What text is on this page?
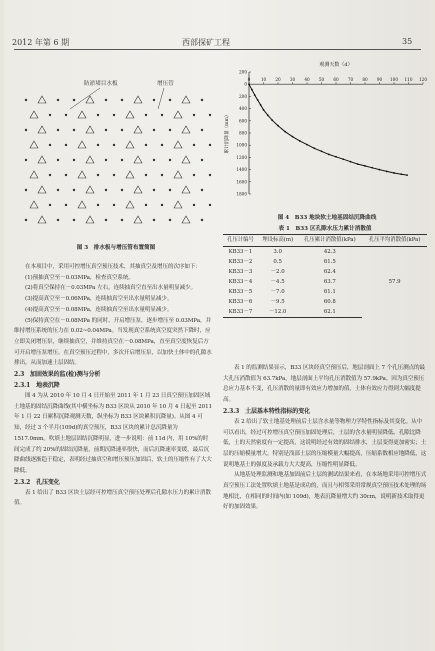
2012 年第 6 期	西部探矿工程	35
防淤堵目水板	增压管
图 3　排水板与增压管布置简图
观测天数（d）
0 10 20 30 40 50 60 70 80 90 100 110 120
200
0
200
400
600
800
1000
1200
1400
1600
1800
累计沉降量（mm）
图 4　B33 地块软土地基固结沉降曲线

在本项目中，采用可控增压真空预压技术，其抽真空及增压的次序如下：

(1)预抽真空至－0.03MPa，检查真空系统。

(2)将真空保持在－0.03MPa 左右，连续抽真空直至出水量明显减少。

(3)提高真空至－0.06MPa，连续抽真空至出水量明显减少。

(4)提高真空至－0.08MPa，连续抽真空至出水量明显减少。

(5)保持真空在－0.08MPa 的同时，开启增压泵，逐步增压至 0.03MPa，并维持增压系统的压力在 0.02~0.04MPa。当发现真空系统真空度突然下降时，应立即关闭增压泵，继续抽真空，并维持真空在－0.08MPa，直至真空度恢复后方可开启增压泵增压。在真空预压过程中，多次开启增压泵，以加快土体中的孔隙水排出，从而加速土层固结。

2.3　加固效果的监(检)测与分析
2.3.1　地表沉降

图 4 为从 2010 年 10 月 4 日开始至 2011 年 1 月 23 日真空预压加固区域土地基的固结沉降曲线(其中横坐标为 B33 区块从 2010 年 10 月 4 日起至 2011 年 1 月 22 日累积沉降观测天数，纵坐标为 B33 区块累积沉降量)。从图 4 可知，经过 3 个半月(109d)的真空预压，B33 区块的累计总沉降量为 1517.0mm。吹填土地层固结沉降明显，进一步说明：前 11d 内，用 10%的时间完成了约 20%的固结沉降量，前期沉降速率很快，而后沉降速率变缓，最后沉降曲线逐渐趋于稳定，表明经过抽真空和增压预压加固后，软土的压缩性有了大大降低。

2.3.2　孔压变化

表 1 给出了 B33 区块土层经可控增压真空预压处理后孔隙水压力的累计消散值。

表 1　B33 区孔隙水压力累计消散值
孔压计编号	埋设标高(m)	孔压累计消散值(kPa)	孔压平均消散值(kPa)
KB33－1	3.0	42.3	57.9
KB33－2	0.5	61.5	
KB33－3	－2.0	62.4	
KB33－4	－4.5	63.7	
KB33－5	－7.0	61.1	
KB33－6	－9.5	60.8	
KB33－7	－12.0	62.1	

表 1 的监测结果显示，B33 区块经真空预压后，地层剖面上 7 个孔压测点的最大孔压消散值为 63.7kPa，地层剖面上平均孔压消散值为 57.9kPa。因为真空预压总应力基本不变，孔压消散的量即有效应力增加的值，土体有效应力得到大幅度提高。

2.3.3　土层基本特性指标的变化

表 2 给出了软土地基处理前后土层含水量等物理力学特性指标及其变化。从中可以看出，经过可控增压真空预压加固处理后，土层的含水量明显降低、孔隙比降低，土的天然密度有一定提高，这说明经过有效的固结排水，土层变得更加密实；土层的压缩模量增大，特别是浅部土层的压缩模量大幅提高，压缩系数相应地降低，这说明地基土的强度及承载力大大提高，压缩性明显降低。

从地基处理监测和地基加固前后土层的测试结果来看，在本场地采用可控增压式真空预压工法处置吹填土地基是成功的，而且与相邻采用常规真空预压技术处理的场地相比，在相同的时间内(如 109d)，地表沉降量增大约 30cm，说明新技术取得更好的加固效果。
